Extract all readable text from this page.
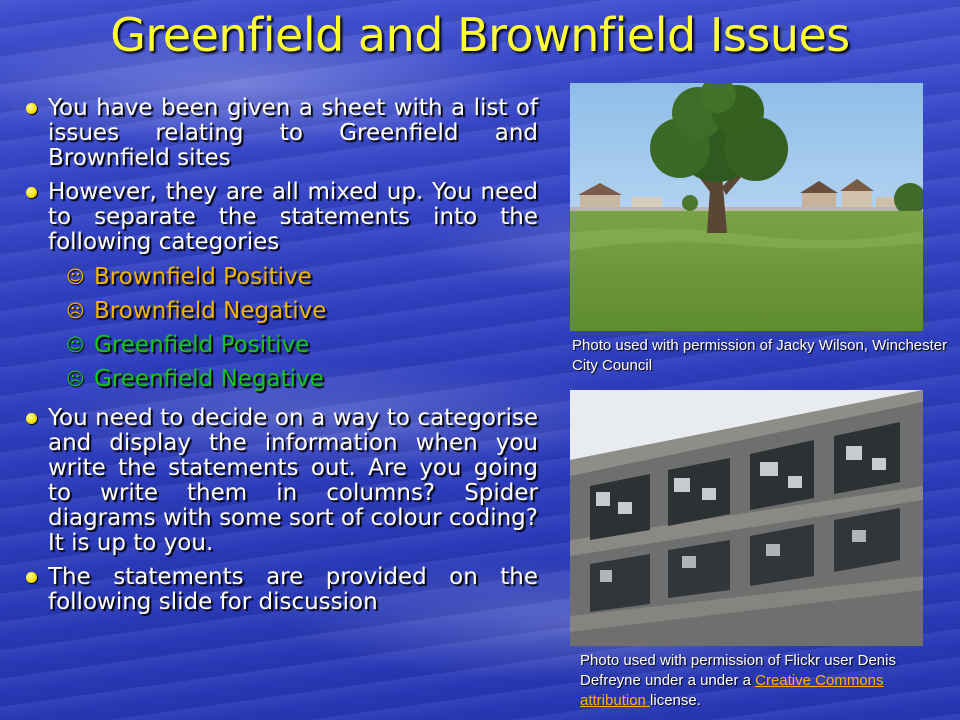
Greenfield and Brownfield Issues
You have been given a sheet with a list of issues relating to Greenfield and Brownfield sites
However, they are all mixed up. You need to separate the statements into the following categories
☺ Brownfield Positive
☹ Brownfield Negative
☺ Greenfield Positive
☹ Greenfield Negative
You need to decide on a way to categorise and display the information when you write the statements out. Are you going to write them in columns? Spider diagrams with some sort of colour coding? It is up to you.
The statements are provided on the following slide for discussion
Photo used with permission of Jacky Wilson, Winchester City Council
Photo used with permission of Flickr user Denis Defreyne under a under a Creative Commons attribution license.
